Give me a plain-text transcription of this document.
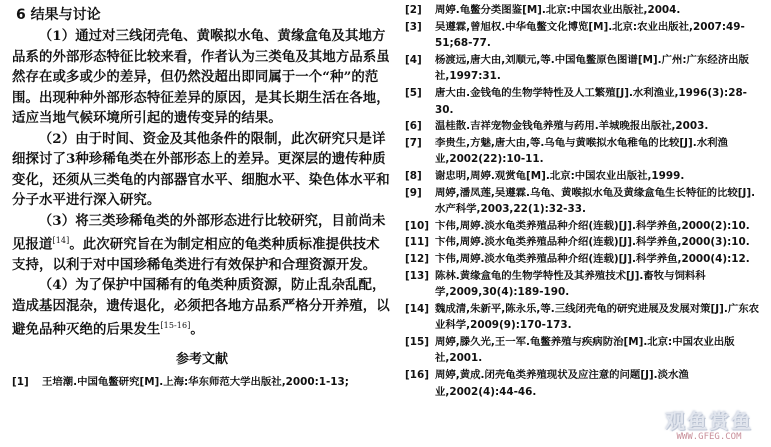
6 结果与讨论

（1）通过对三线闭壳龟、黄喉拟水龟、黄缘盒龟及其地方品系的外部形态特征比较来看，作者认为三类龟及其地方品系虽然存在或多或少的差异，但仍然没超出即同属于一个“种”的范围。出现种种外部形态特征差异的原因，是其长期生活在各地，适应当地气候环境所引起的遗传变异的结果。

（2）由于时间、资金及其他条件的限制，此次研究只是详细探讨了3种珍稀龟类在外部形态上的差异。更深层的遗传种质变化，还须从三类龟的内部器官水平、细胞水平、染色体水平和分子水平进行深入研究。

（3）将三类珍稀龟类的外部形态进行比较研究，目前尚未见报道[14]。此次研究旨在为制定相应的龟类种质标准提供技术支持，以利于对中国珍稀龟类进行有效保护和合理资源开发。

（4）为了保护中国稀有的龟类种质资源，防止乱杂乱配，造成基因混杂，遗传退化，必须把各地方品系严格分开养殖，以避免品种灭绝的后果发生[15-16]。

参考文献
[1]	王培潮.中国龟鳖研究[M].上海:华东师范大学出版社,2000:1-13;
[2]	周婷.龟鳖分类图鉴[M].北京:中国农业出版社,2004.
[3]	吴遵霖,曾旭权.中华龟鳖文化博览[M].北京:农业出版社,2007:49-51;68-77.
[4]	杨渡远,唐大由,刘顺元,等.中国龟鳖原色图谱[M].广州:广东经济出版社,1997:31.
[5]	唐大由.金钱龟的生物学特性及人工繁殖[J].水利渔业,1996(3):28-30.
[6]	温桂散.吉祥宠物金钱龟养殖与药用.羊城晚报出版社,2003.
[7]	李贵生,方魅,唐大由,等.乌龟与黄喉拟水龟稚龟的比较[J].水利渔业,2002(22):10-11.
[8]	谢忠明,周婷.观赏龟[M].北京:中国农业出版社,1999.
[9]	周婷,潘凤莲,吴遵霖.乌龟、黄喉拟水龟及黄缘盒龟生长特征的比较[J].水产科学,2003,22(1):32-33.
[10] 卞伟,周婷.淡水龟类养殖品种介绍(连载)[J].科学养鱼,2000(2):10.
[11] 卞伟,周婷.淡水龟类养殖品种介绍(连载)[J].科学养鱼,2000(3):10.
[12] 卞伟,周婷.淡水龟类养殖品种介绍(连载)[J].科学养鱼,2000(4):12.
[13] 陈林.黄缘盒龟的生物学特性及其养殖技术[J].畜牧与饲料科学,2009,30(4):189-190.
[14] 魏成清,朱新平,陈永乐,等.三线闭壳龟的研究进展及发展对策[J].广东农业科学,2009(9):170-173.
[15] 周婷,滕久光,王一军.龟鳖养殖与疾病防治[M].北京:中国农业出版社,2001.
[16] 周婷,黄成.闭壳龟类养殖现状及应注意的问题[J].淡水渔业,2002(4):44-46.
观鱼赏鱼
WWW.GFEG.COM
